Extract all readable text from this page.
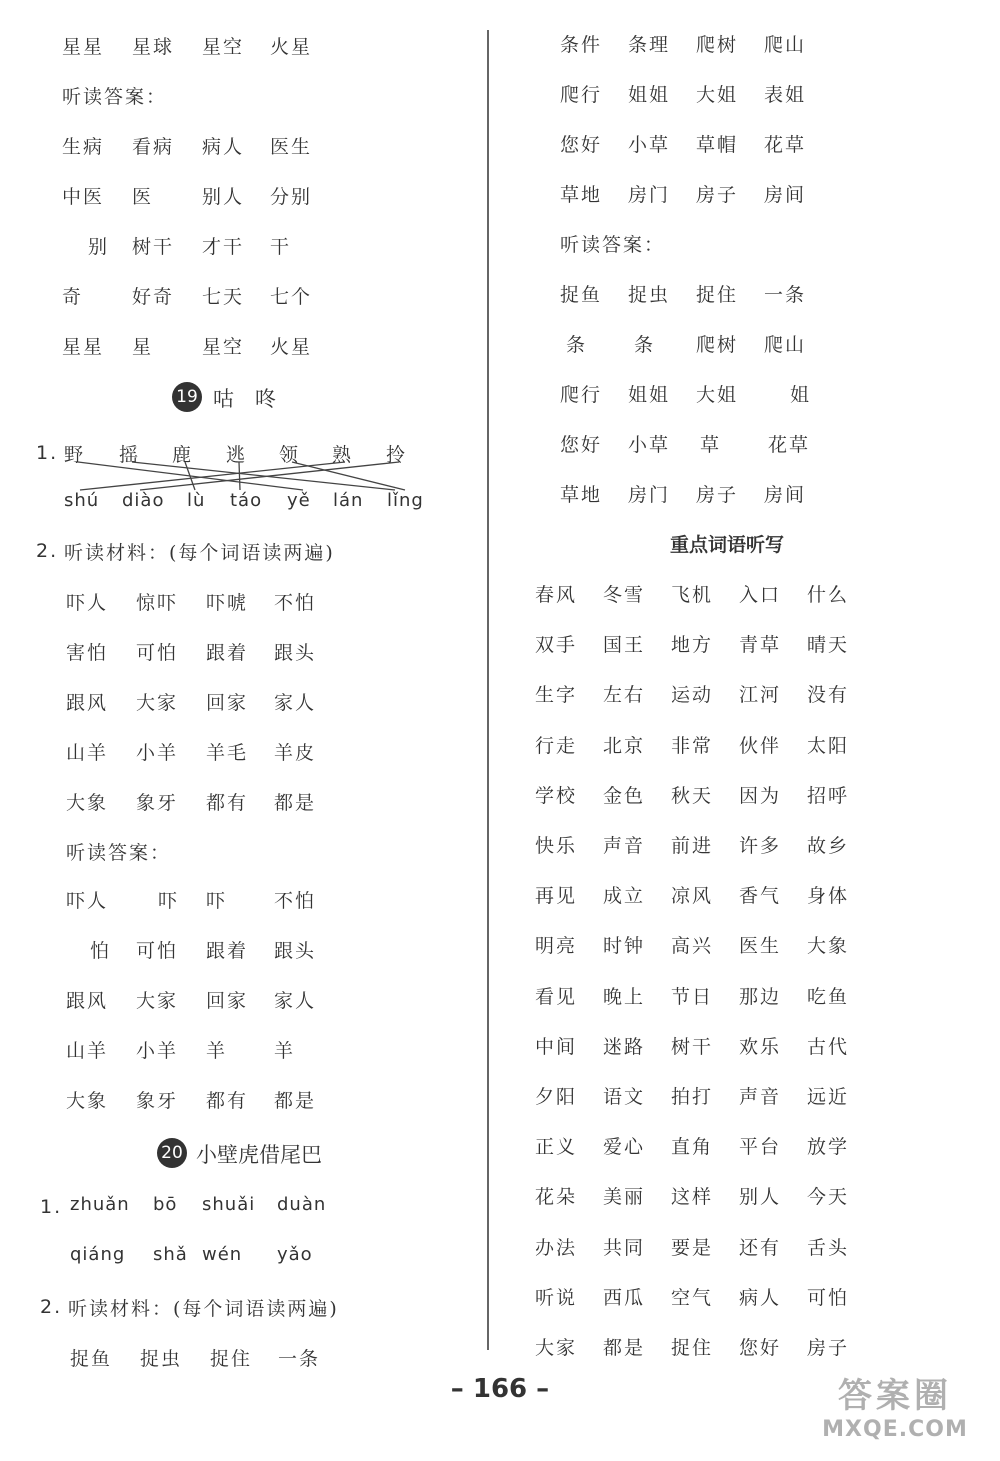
星星 星球 星空 火星
听读答案：
生病 看病 病人 医生
中医 医	别人 分别
别 树干 才干 干
奇	好奇 七天 七个
星星 星	星空 火星
19 咕　咚
1. 野 摇 鹿 逃 领 熟 拎
shú diào lù táo yě lán lǐng
2. 听读材料：(每个词语读两遍)
吓人 惊吓 吓唬 不怕
害怕 可怕 跟着 跟头
跟风 大家 回家 家人
山羊 小羊 羊毛 羊皮
大象 象牙 都有 都是
听读答案：
吓人	吓 吓 不怕
怕 可怕 跟着 跟头
跟风 大家 回家 家人
山羊 小羊 羊 羊
大象 象牙 都有 都是
20 小壁虎借尾巴
1. zhuǎn bō shuǎi duàn
qiáng shǎ wén yǎo
2. 听读材料：(每个词语读两遍)
捉鱼 捉虫 捉住 一条
条件 条理 爬树 爬山
爬行 姐姐 大姐 表姐
您好 小草 草帽 花草
草地 房门 房子 房间
听读答案：
捉鱼 捉虫 捉住 一条
条 条 爬树 爬山
爬行 姐姐 大姐	姐
您好 小草 草 花草
草地 房门 房子 房间
重点词语听写
春风 冬雪 飞机 入口 什么
双手 国王 地方 青草 晴天
生字 左右 运动 江河 没有
行走 北京 非常 伙伴 太阳
学校 金色 秋天 因为 招呼
快乐 声音 前进 许多 故乡
再见 成立 凉风 香气 身体
明亮 时钟 高兴 医生 大象
看见 晚上 节日 那边 吃鱼
中间 迷路 树干 欢乐 古代
夕阳 语文 拍打 声音 远近
正义 爱心 直角 平台 放学
花朵 美丽 这样 别人 今天
办法 共同 要是 还有 舌头
听说 西瓜 空气 病人 可怕
大家 都是 捉住 您好 房子
– 166 –	答案圈
MXQE.COM
